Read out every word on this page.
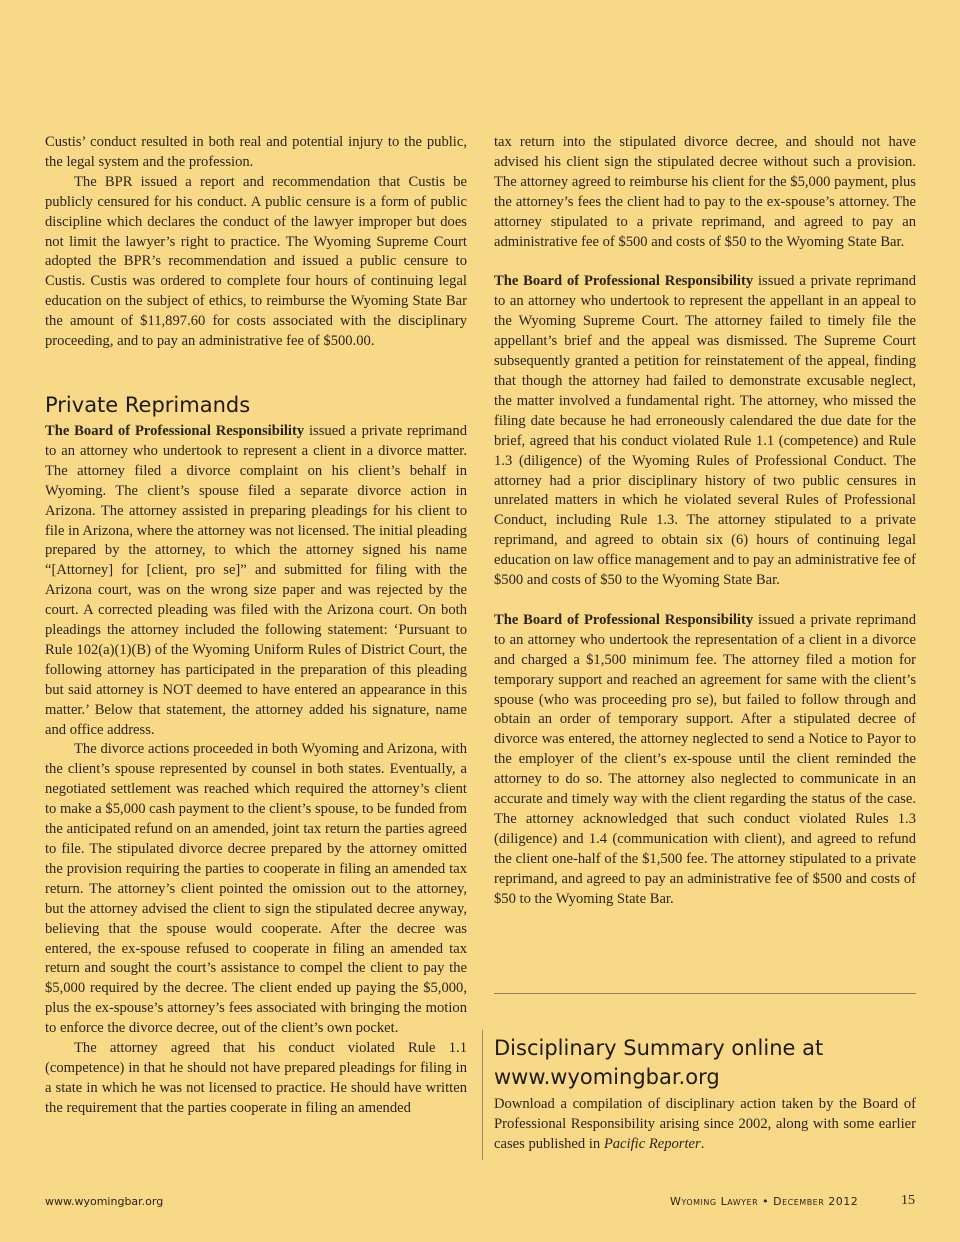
Custis’ conduct resulted in both real and potential injury to the public, the legal system and the profession.

The BPR issued a report and recommendation that Custis be publicly censured for his conduct. A public censure is a form of public discipline which declares the conduct of the lawyer improper but does not limit the lawyer’s right to practice. The Wyoming Supreme Court adopted the BPR’s recommendation and issued a public censure to Custis. Custis was ordered to complete four hours of continuing legal education on the subject of ethics, to reimburse the Wyoming State Bar the amount of $11,897.60 for costs associated with the disciplinary proceeding, and to pay an administrative fee of $500.00.

Private Reprimands

The Board of Professional Responsibility issued a private reprimand to an attorney who undertook to represent a client in a divorce matter. The attorney filed a divorce complaint on his client’s behalf in Wyoming. The client’s spouse filed a separate divorce action in Arizona. The attorney assisted in preparing pleadings for his client to file in Arizona, where the attorney was not licensed. The initial pleading prepared by the attorney, to which the attorney signed his name “[Attorney] for [client, pro se]” and submitted for filing with the Arizona court, was on the wrong size paper and was rejected by the court. A corrected pleading was filed with the Arizona court. On both pleadings the attorney included the following statement: ‘Pursuant to Rule 102(a)(1)(B) of the Wyoming Uniform Rules of District Court, the following attorney has participated in the preparation of this pleading but said attorney is NOT deemed to have entered an appearance in this matter.’ Below that statement, the attorney added his signature, name and office address.

The divorce actions proceeded in both Wyoming and Arizona, with the client’s spouse represented by counsel in both states. Eventually, a negotiated settlement was reached which required the attorney’s client to make a $5,000 cash payment to the client’s spouse, to be funded from the anticipated refund on an amended, joint tax return the parties agreed to file. The stipulated divorce decree prepared by the attorney omitted the provision requiring the parties to cooperate in filing an amended tax return. The attorney’s client pointed the omission out to the attorney, but the attorney advised the client to sign the stipulated decree anyway, believing that the spouse would cooperate. After the decree was entered, the ex-spouse refused to cooperate in filing an amended tax return and sought the court’s assistance to compel the client to pay the $5,000 required by the decree. The client ended up paying the $5,000, plus the ex-spouse’s attorney’s fees associated with bringing the motion to enforce the divorce decree, out of the client’s own pocket.

The attorney agreed that his conduct violated Rule 1.1 (competence) in that he should not have prepared pleadings for filing in a state in which he was not licensed to practice. He should have written the requirement that the parties cooperate in filing an amended

tax return into the stipulated divorce decree, and should not have advised his client sign the stipulated decree without such a provision. The attorney agreed to reimburse his client for the $5,000 payment, plus the attorney’s fees the client had to pay to the ex-spouse’s attorney. The attorney stipulated to a private reprimand, and agreed to pay an administrative fee of $500 and costs of $50 to the Wyoming State Bar.

The Board of Professional Responsibility issued a private reprimand to an attorney who undertook to represent the appellant in an appeal to the Wyoming Supreme Court. The attorney failed to timely file the appellant’s brief and the appeal was dismissed. The Supreme Court subsequently granted a petition for reinstatement of the appeal, finding that though the attorney had failed to demonstrate excusable neglect, the matter involved a fundamental right. The attorney, who missed the filing date because he had erroneously calendared the due date for the brief, agreed that his conduct violated Rule 1.1 (competence) and Rule 1.3 (diligence) of the Wyoming Rules of Professional Conduct. The attorney had a prior disciplinary history of two public censures in unrelated matters in which he violated several Rules of Professional Conduct, including Rule 1.3. The attorney stipulated to a private reprimand, and agreed to obtain six (6) hours of continuing legal education on law office management and to pay an administrative fee of $500 and costs of $50 to the Wyoming State Bar.

The Board of Professional Responsibility issued a private reprimand to an attorney who undertook the representation of a client in a divorce and charged a $1,500 minimum fee. The attorney filed a motion for temporary support and reached an agreement for same with the client’s spouse (who was proceeding pro se), but failed to follow through and obtain an order of temporary support. After a stipulated decree of divorce was entered, the attorney neglected to send a Notice to Payor to the employer of the client’s ex-spouse until the client reminded the attorney to do so. The attorney also neglected to communicate in an accurate and timely way with the client regarding the status of the case. The attorney acknowledged that such conduct violated Rules 1.3 (diligence) and 1.4 (communication with client), and agreed to refund the client one-half of the $1,500 fee. The attorney stipulated to a private reprimand, and agreed to pay an administrative fee of $500 and costs of $50 to the Wyoming State Bar.

Disciplinary Summary online at
www.wyomingbar.org

Download a compilation of disciplinary action taken by the Board of Professional Responsibility arising since 2002, along with some earlier cases published in Pacific Reporter.

www.wyomingbar.org	Wyoming Lawyer • December 2012	15
